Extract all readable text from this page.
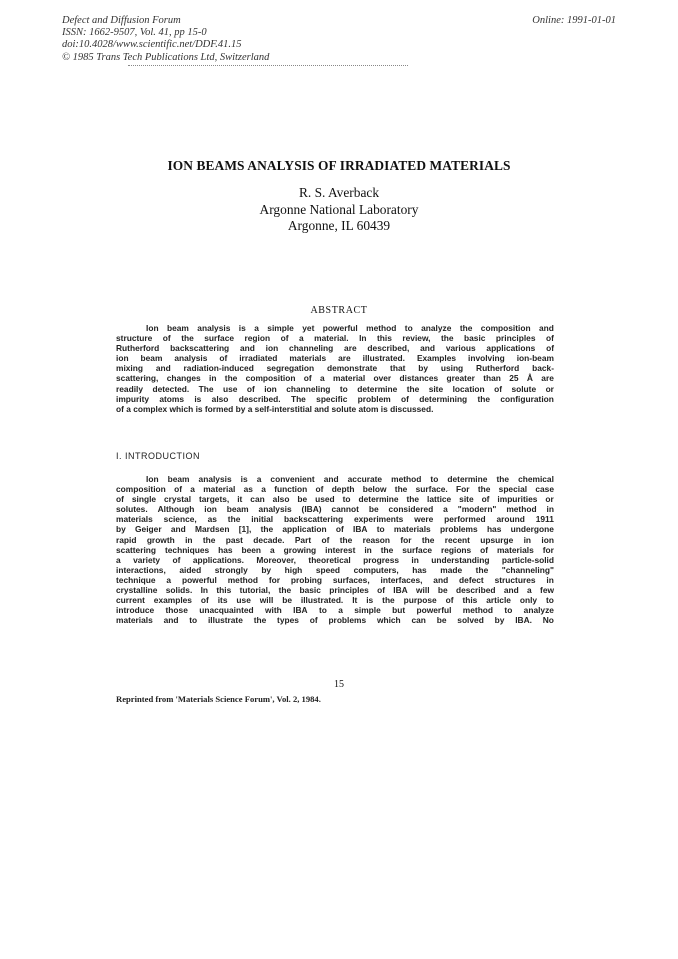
Defect and Diffusion Forum
ISSN: 1662-9507, Vol. 41, pp 15-0
doi:10.4028/www.scientific.net/DDF.41.15
© 1985 Trans Tech Publications Ltd, Switzerland
Online: 1991-01-01
ION BEAMS ANALYSIS OF IRRADIATED MATERIALS
R. S. Averback
Argonne National Laboratory
Argonne, IL 60439
ABSTRACT
Ion beam analysis is a simple yet powerful method to analyze the composition and
structure of the surface region of a material. In this review, the basic principles of
Rutherford backscattering and ion channeling are described, and various applications of
ion beam analysis of irradiated materials are illustrated. Examples involving ion-beam
mixing and radiation-induced segregation demonstrate that by using Rutherford back-
scattering, changes in the composition of a material over distances greater than 25 Å are
readily detected. The use of ion channeling to determine the site location of solute or
impurity atoms is also described. The specific problem of determining the configuration
of a complex which is formed by a self-interstitial and solute atom is discussed.
I. INTRODUCTION
Ion beam analysis is a convenient and accurate method to determine the chemical
composition of a material as a function of depth below the surface. For the special case
of single crystal targets, it can also be used to determine the lattice site of impurities or
solutes. Although ion beam analysis (IBA) cannot be considered a "modern" method in
materials science, as the initial backscattering experiments were performed around 1911
by Geiger and Mardsen [1], the application of IBA to materials problems has undergone
rapid growth in the past decade. Part of the reason for the recent upsurge in ion
scattering techniques has been a growing interest in the surface regions of materials for
a variety of applications. Moreover, theoretical progress in understanding particle-solid
interactions, aided strongly by high speed computers, has made the "channeling"
technique a powerful method for probing surfaces, interfaces, and defect structures in
crystalline solids. In this tutorial, the basic principles of IBA will be described and a few
current examples of its use will be illustrated. It is the purpose of this article only to
introduce those unacquainted with IBA to a simple but powerful method to analyze
materials and to illustrate the types of problems which can be solved by IBA. No
15
Reprinted from 'Materials Science Forum', Vol. 2, 1984.
